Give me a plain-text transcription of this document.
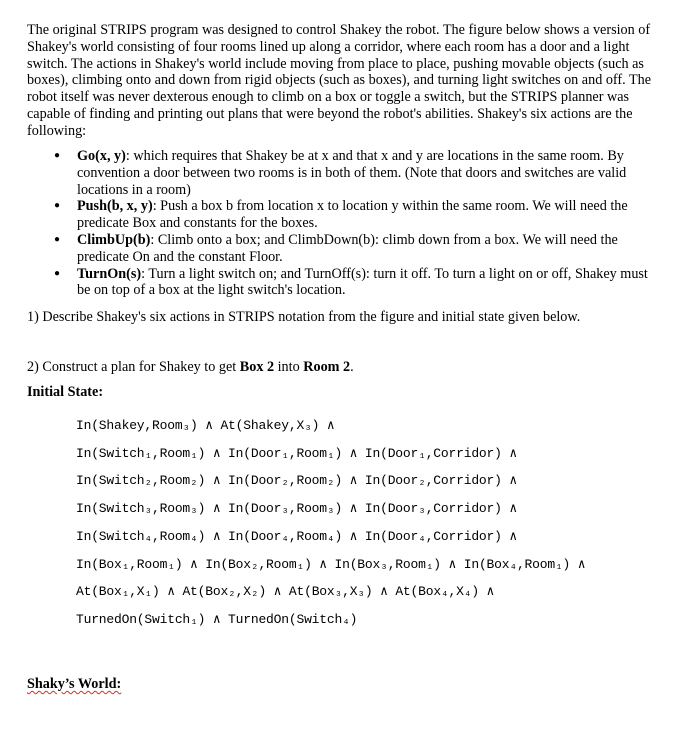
The original STRIPS program was designed to control Shakey the robot. The figure below shows a version of Shakey's world consisting of four rooms lined up along a corridor, where each room has a door and a light switch. The actions in Shakey's world include moving from place to place, pushing movable objects (such as boxes), climbing onto and down from rigid objects (such as boxes), and turning light switches on and off. The robot itself was never dexterous enough to climb on a box or toggle a switch, but the STRIPS planner was capable of finding and printing out plans that were beyond the robot's abilities. Shakey's six actions are the following:

● Go(x, y): which requires that Shakey be at x and that x and y are locations in the same room. By convention a door between two rooms is in both of them. (Note that doors and switches are valid locations in a room)
● Push(b, x, y): Push a box b from location x to location y within the same room. We will need the predicate Box and constants for the boxes.
● ClimbUp(b): Climb onto a box; and ClimbDown(b): climb down from a box. We will need the predicate On and the constant Floor.
● TurnOn(s): Turn a light switch on; and TurnOff(s): turn it off. To turn a light on or off, Shakey must be on top of a box at the light switch's location.

1) Describe Shakey's six actions in STRIPS notation from the figure and initial state given below.

2) Construct a plan for Shakey to get Box 2 into Room 2.

Initial State:

In(Shakey,Room₃) ∧ At(Shakey,X₃) ∧
In(Switch₁,Room₁) ∧ In(Door₁,Room₁) ∧ In(Door₁,Corridor) ∧
In(Switch₂,Room₂) ∧ In(Door₂,Room₂) ∧ In(Door₂,Corridor) ∧
In(Switch₃,Room₃) ∧ In(Door₃,Room₃) ∧ In(Door₃,Corridor) ∧
In(Switch₄,Room₄) ∧ In(Door₄,Room₄) ∧ In(Door₄,Corridor) ∧
In(Box₁,Room₁) ∧ In(Box₂,Room₁) ∧ In(Box₃,Room₁) ∧ In(Box₄,Room₁) ∧
At(Box₁,X₁) ∧ At(Box₂,X₂) ∧ At(Box₃,X₃) ∧ At(Box₄,X₄) ∧
TurnedOn(Switch₁) ∧ TurnedOn(Switch₄)

Shaky’s World:
